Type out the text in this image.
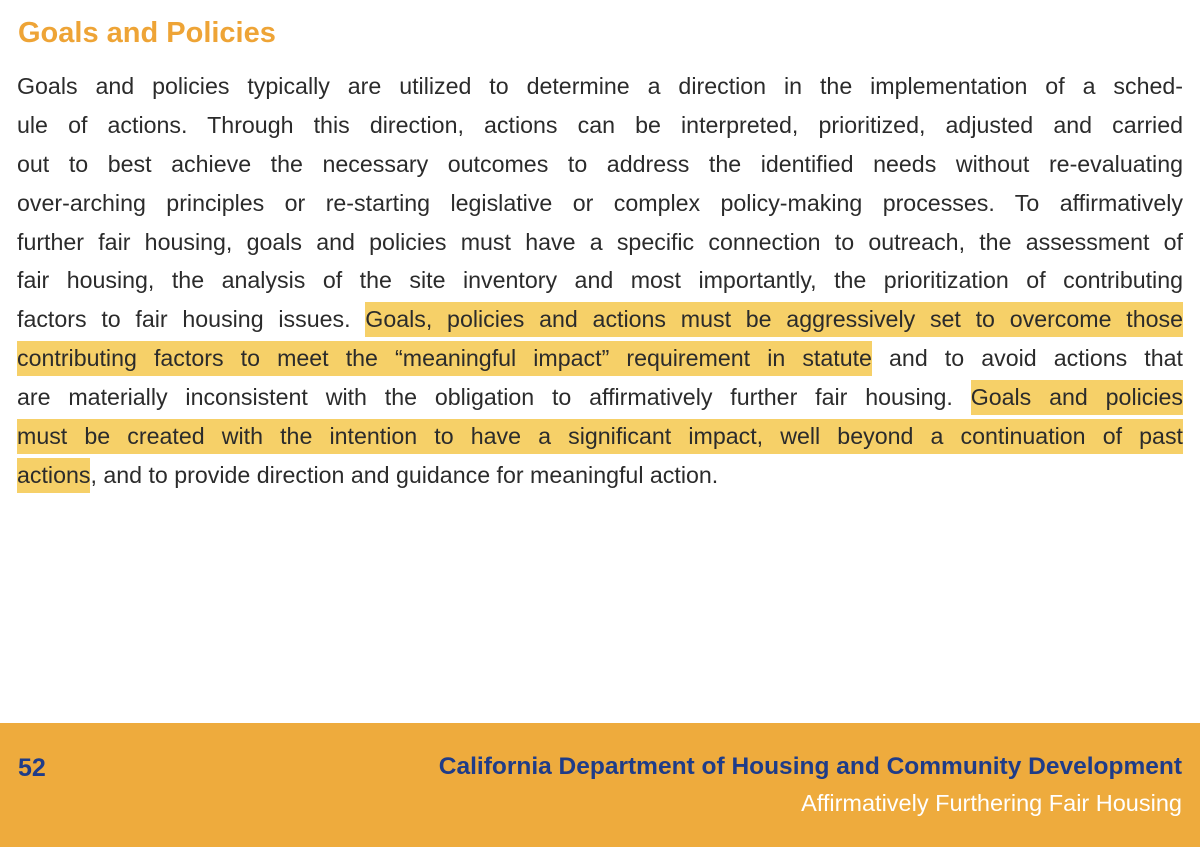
Goals and Policies
Goals and policies typically are utilized to determine a direction in the implementation of a sched-
ule of actions. Through this direction, actions can be interpreted, prioritized, adjusted and carried
out to best achieve the necessary outcomes to address the identified needs without re-evaluating
over-arching principles or re-starting legislative or complex policy-making processes. To affirmatively
further fair housing, goals and policies must have a specific connection to outreach, the assessment of
fair housing, the analysis of the site inventory and most importantly, the prioritization of contributing
factors to fair housing issues. Goals, policies and actions must be aggressively set to overcome those
contributing factors to meet the “meaningful impact” requirement in statute and to avoid actions that
are materially inconsistent with the obligation to affirmatively further fair housing. Goals and policies
must be created with the intention to have a significant impact, well beyond a continuation of past
actions, and to provide direction and guidance for meaningful action.
52	California Department of Housing and Community Development
Affirmatively Furthering Fair Housing
